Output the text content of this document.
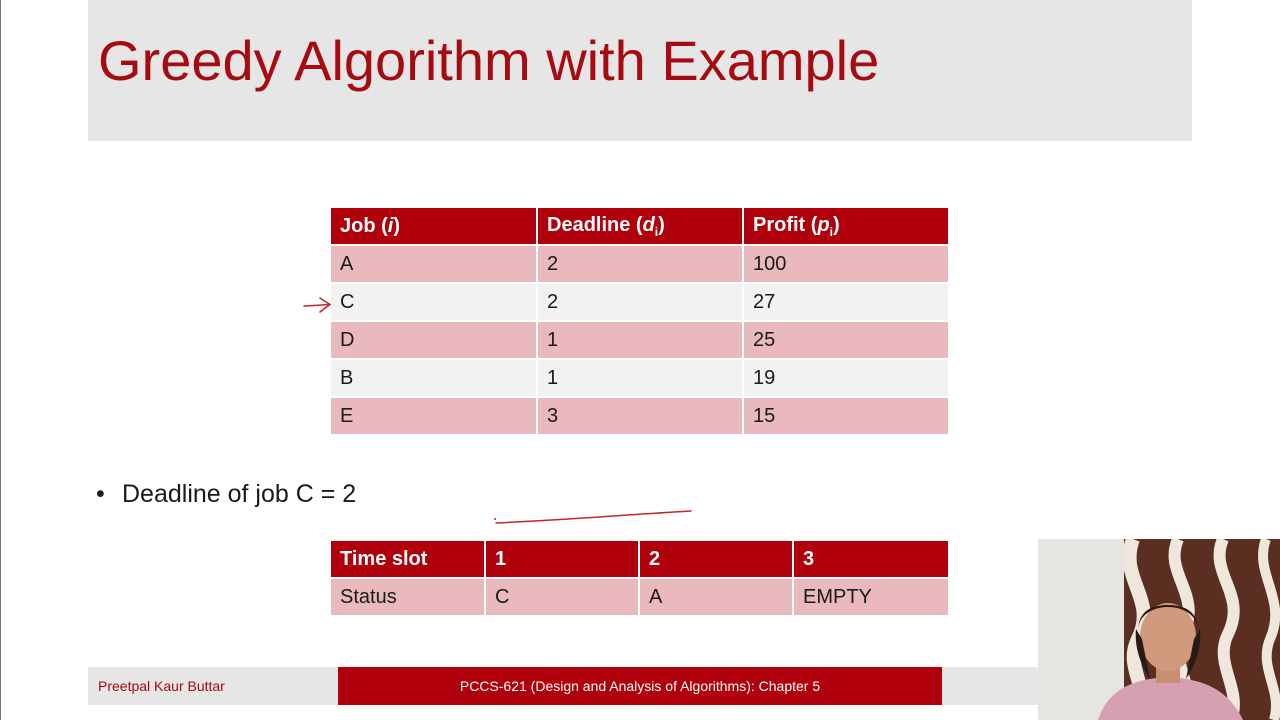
Greedy Algorithm with Example
Job (i)	Deadline $(d_i)$	Profit $(p_i)$
A	2	100
C	2	27
D	1	25
B	1	19
E	3	15
• Deadline of job C = 2
Time slot	1	2	3
Status	C	A	EMPTY
Preetpal Kaur Buttar	PCCS-621 (Design and Analysis of Algorithms): Chapter 5
